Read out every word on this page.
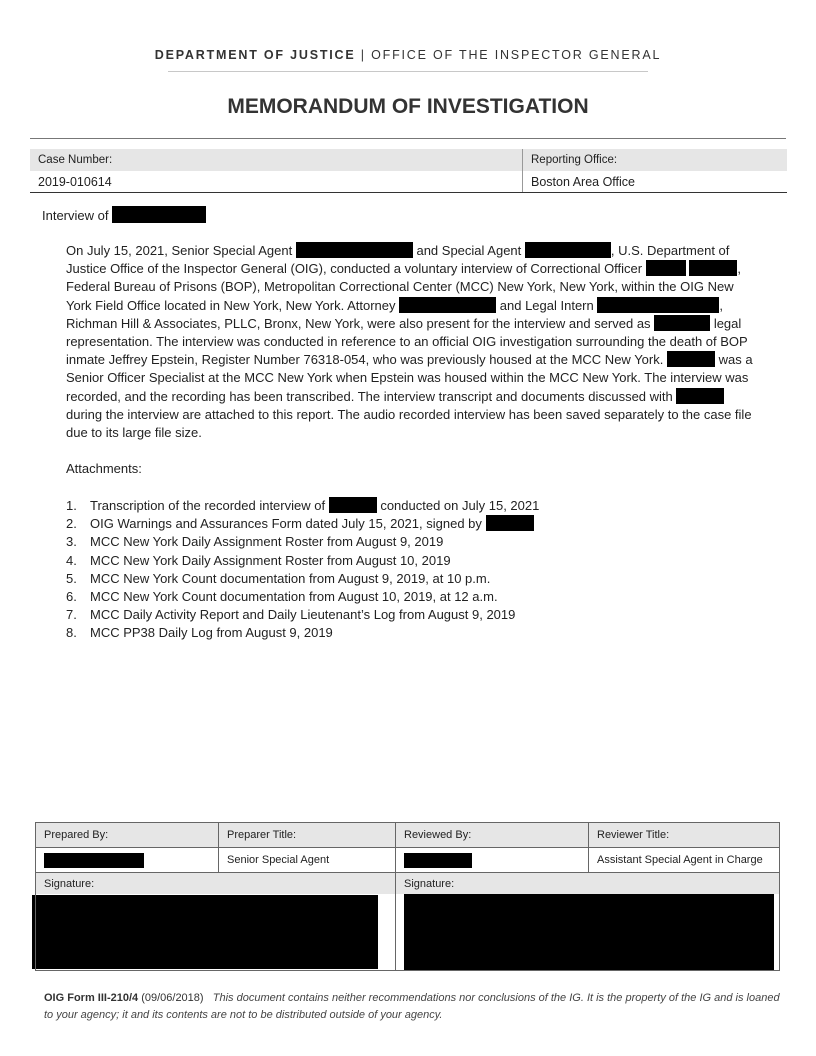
DEPARTMENT OF JUSTICE | OFFICE OF THE INSPECTOR GENERAL
MEMORANDUM OF INVESTIGATION
Case Number:	Reporting Office:
2019-010614	Boston Area Office
Interview of
On July 15, 2021, Senior Special Agent	and Special Agent	, U.S. Department of Justice Office of the Inspector General (OIG), conducted a voluntary interview of Correctional Officer	, Federal Bureau of Prisons (BOP), Metropolitan Correctional Center (MCC) New York, New York, within the OIG New York Field Office located in New York, New York. Attorney	and Legal Intern	, Richman Hill & Associates, PLLC, Bronx, New York, were also present for the interview and served as	legal representation. The interview was conducted in reference to an official OIG investigation surrounding the death of BOP inmate Jeffrey Epstein, Register Number 76318-054, who was previously housed at the MCC New York.	was a Senior Officer Specialist at the MCC New York when Epstein was housed within the MCC New York. The interview was recorded, and the recording has been transcribed. The interview transcript and documents discussed with  during the interview are attached to this report. The audio recorded interview has been saved separately to the case file due to its large file size.
Attachments:
1.	Transcription of the recorded interview of	conducted on July 15, 2021
2.	OIG Warnings and Assurances Form dated July 15, 2021, signed by
3.	MCC New York Daily Assignment Roster from August 9, 2019
4.	MCC New York Daily Assignment Roster from August 10, 2019
5.	MCC New York Count documentation from August 9, 2019, at 10 p.m.
6.	MCC New York Count documentation from August 10, 2019, at 12 a.m.
7.	MCC Daily Activity Report and Daily Lieutenant’s Log from August 9, 2019
8.	MCC PP38 Daily Log from August 9, 2019
Prepared By:	Preparer Title:	Reviewed By:	Reviewer Title:
	Senior Special Agent		Assistant Special Agent in Charge
Signature:		Signature:	

OIG Form III-210/4 (09/06/2018) This document contains neither recommendations nor conclusions of the IG. It is the property of the IG and is loaned to your agency; it and its contents are not to be distributed outside of your agency.
